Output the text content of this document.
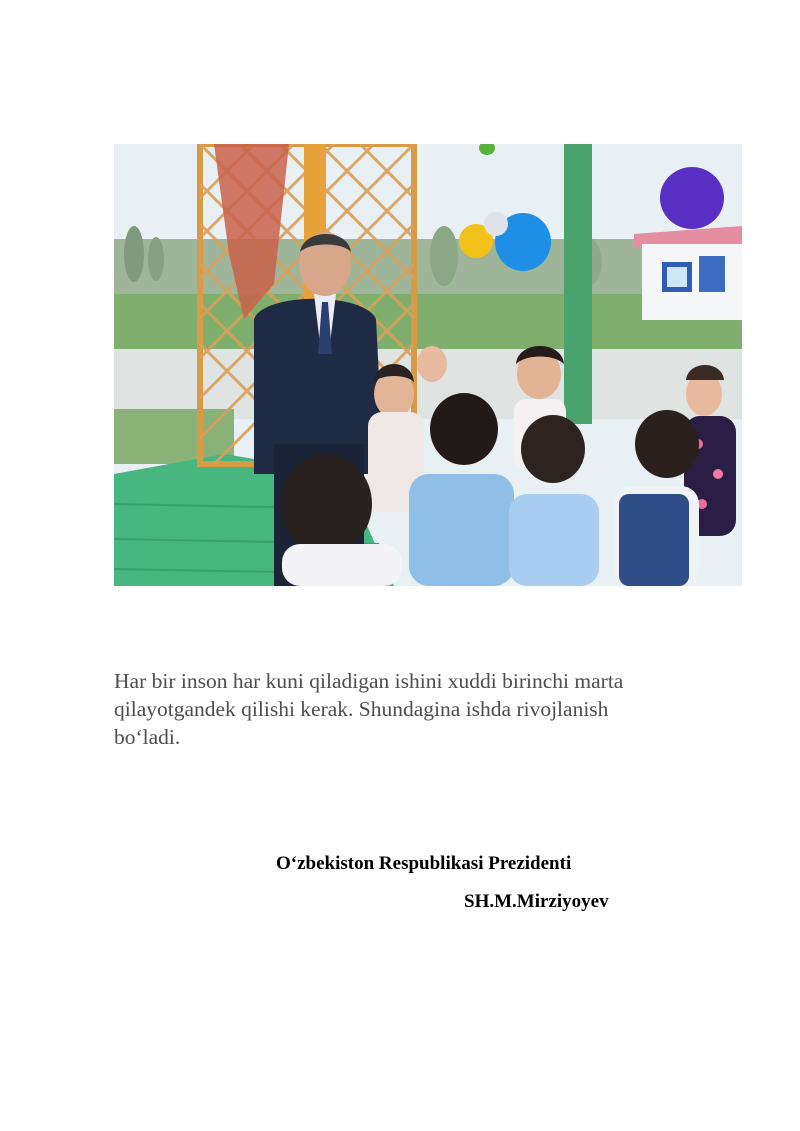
Har bir inson har kuni qiladigan ishini xuddi birinchi marta
qilayotgandek qilishi kerak. Shundagina ishda rivojlanish
bo‘ladi.

O‘zbekiston Respublikasi Prezidenti

SH.M.Mirziyoyev
